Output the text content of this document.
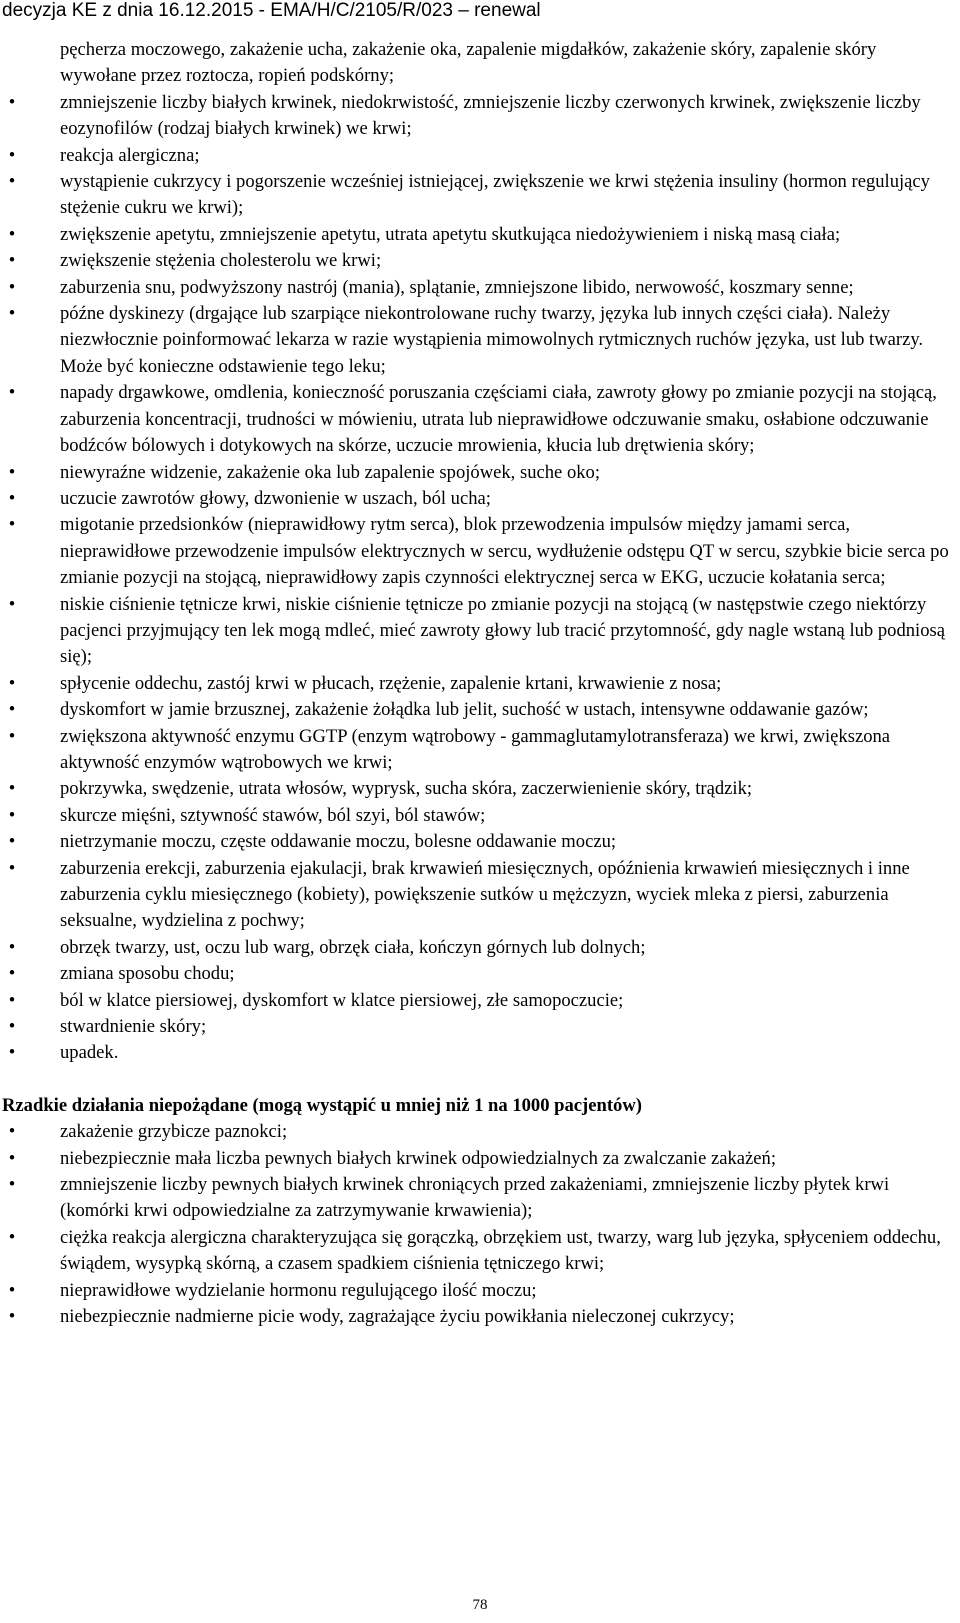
decyzja KE z dnia 16.12.2015 - EMA/H/C/2105/R/023 – renewal
pęcherza moczowego, zakażenie ucha, zakażenie oka, zapalenie migdałków, zakażenie skóry, zapalenie skóry wywołane przez roztocza, ropień podskórny;
•	zmniejszenie liczby białych krwinek, niedokrwistość, zmniejszenie liczby czerwonych krwinek, zwiększenie liczby eozynofilów (rodzaj białych krwinek) we krwi;
•	reakcja alergiczna;
•	wystąpienie cukrzycy i pogorszenie wcześniej istniejącej, zwiększenie we krwi stężenia insuliny (hormon regulujący stężenie cukru we krwi);
•	zwiększenie apetytu, zmniejszenie apetytu, utrata apetytu skutkująca niedożywieniem i niską masą ciała;
•	zwiększenie stężenia cholesterolu we krwi;
•	zaburzenia snu, podwyższony nastrój (mania), splątanie, zmniejszone libido, nerwowość, koszmary senne;
•	późne dyskinezy (drgające lub szarpiące niekontrolowane ruchy twarzy, języka lub innych części ciała). Należy niezwłocznie poinformować lekarza w razie wystąpienia mimowolnych rytmicznych ruchów języka, ust lub twarzy. Może być konieczne odstawienie tego leku;
•	napady drgawkowe, omdlenia, konieczność poruszania częściami ciała, zawroty głowy po zmianie pozycji na stojącą, zaburzenia koncentracji, trudności w mówieniu, utrata lub nieprawidłowe odczuwanie smaku, osłabione odczuwanie bodźców bólowych i dotykowych na skórze, uczucie mrowienia, kłucia lub drętwienia skóry;
•	niewyraźne widzenie, zakażenie oka lub zapalenie spojówek, suche oko;
•	uczucie zawrotów głowy, dzwonienie w uszach, ból ucha;
•	migotanie przedsionków (nieprawidłowy rytm serca), blok przewodzenia impulsów między jamami serca, nieprawidłowe przewodzenie impulsów elektrycznych w sercu, wydłużenie odstępu QT w sercu, szybkie bicie serca po zmianie pozycji na stojącą, nieprawidłowy zapis czynności elektrycznej serca w EKG, uczucie kołatania serca;
•	niskie ciśnienie tętnicze krwi, niskie ciśnienie tętnicze po zmianie pozycji na stojącą (w następstwie czego niektórzy pacjenci przyjmujący ten lek mogą mdleć, mieć zawroty głowy lub tracić przytomność, gdy nagle wstaną lub podniosą się);
•	spłycenie oddechu, zastój krwi w płucach, rzężenie, zapalenie krtani, krwawienie z nosa;
•	dyskomfort w jamie brzusznej, zakażenie żołądka lub jelit, suchość w ustach, intensywne oddawanie gazów;
•	zwiększona aktywność enzymu GGTP (enzym wątrobowy - gammaglutamylotransferaza) we krwi, zwiększona aktywność enzymów wątrobowych we krwi;
•	pokrzywka, swędzenie, utrata włosów, wyprysk, sucha skóra, zaczerwienienie skóry, trądzik;
•	skurcze mięśni, sztywność stawów, ból szyi, ból stawów;
•	nietrzymanie moczu, częste oddawanie moczu, bolesne oddawanie moczu;
•	zaburzenia erekcji, zaburzenia ejakulacji, brak krwawień miesięcznych, opóźnienia krwawień miesięcznych i inne zaburzenia cyklu miesięcznego (kobiety), powiększenie sutków u mężczyzn, wyciek mleka z piersi, zaburzenia seksualne, wydzielina z pochwy;
•	obrzęk twarzy, ust, oczu lub warg, obrzęk ciała, kończyn górnych lub dolnych;
•	zmiana sposobu chodu;
•	ból w klatce piersiowej, dyskomfort w klatce piersiowej, złe samopoczucie;
•	stwardnienie skóry;
•	upadek.
Rzadkie działania niepożądane (mogą wystąpić u mniej niż 1 na 1000 pacjentów)
•	zakażenie grzybicze paznokci;
•	niebezpiecznie mała liczba pewnych białych krwinek odpowiedzialnych za zwalczanie zakażeń;
•	zmniejszenie liczby pewnych białych krwinek chroniących przed zakażeniami, zmniejszenie liczby płytek krwi (komórki krwi odpowiedzialne za zatrzymywanie krwawienia);
•	ciężka reakcja alergiczna charakteryzująca się gorączką, obrzękiem ust, twarzy, warg lub języka, spłyceniem oddechu, świądem, wysypką skórną, a czasem spadkiem ciśnienia tętniczego krwi;
•	nieprawidłowe wydzielanie hormonu regulującego ilość moczu;
•	niebezpiecznie nadmierne picie wody, zagrażające życiu powikłania nieleczonej cukrzycy;
78
